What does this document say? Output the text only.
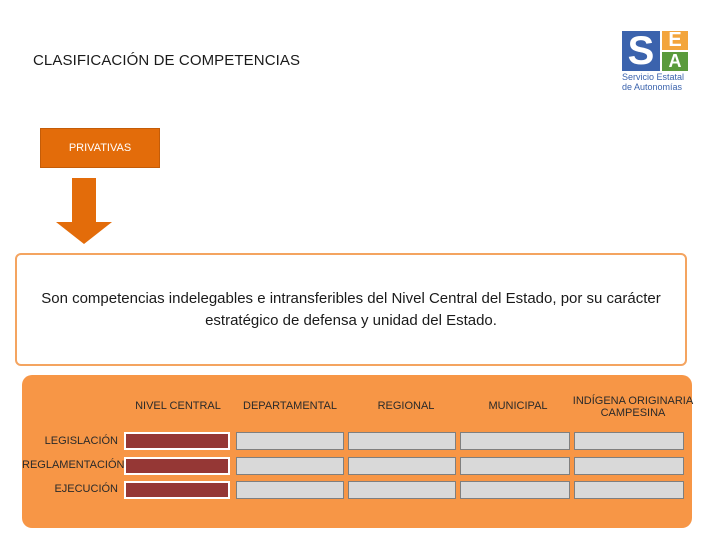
CLASIFICACIÓN DE COMPETENCIAS	S E
A
Servicio Estatal
de Autonomías
PRIVATIVAS
Son competencias indelegables e intransferibles del Nivel Central del Estado, por su carácter estratégico de defensa y unidad del Estado.
NIVEL CENTRAL	DEPARTAMENTAL	REGIONAL	MUNICIPAL	INDÍGENA ORIGINARIA CAMPESINA
LEGISLACIÓN
REGLAMENTACIÓN
EJECUCIÓN
